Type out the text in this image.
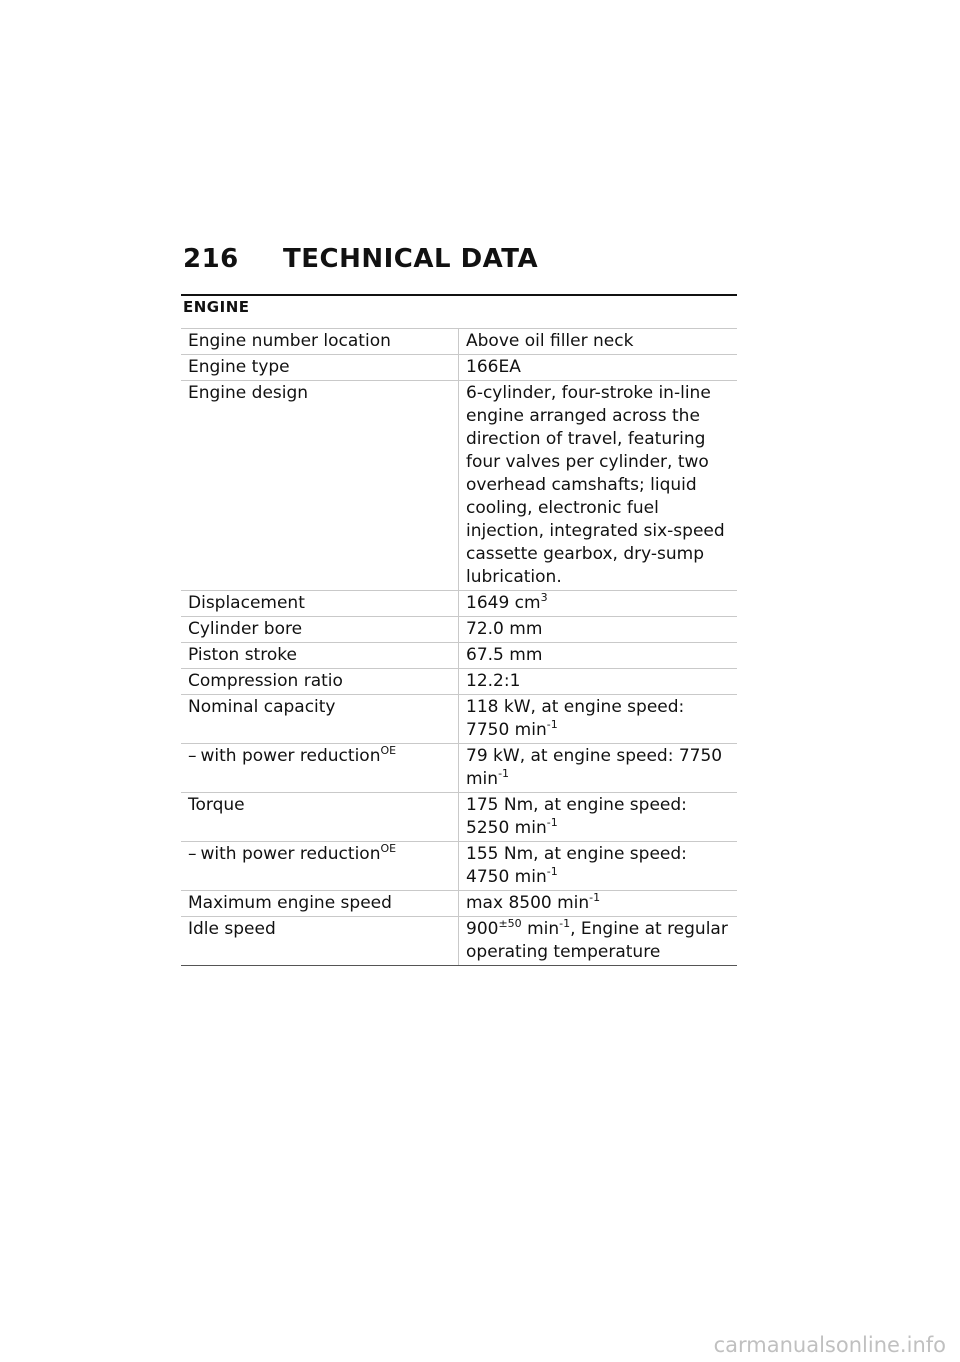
216 TECHNICAL DATA
ENGINE
Engine number location	Above oil filler neck
Engine type	166EA
Engine design	6-cylinder, four-stroke in-line engine arranged across the direction of travel, featuring four valves per cylinder, two overhead camshafts; liquid cooling, electronic fuel injection, integrated six-speed cassette gearbox, dry-sump lubrication.
Displacement	1649 $cm^3$
Cylinder bore	72.0 mm
Piston stroke	67.5 mm
Compression ratio	12.2:1
Nominal capacity	118 kW, at engine speed: 7750 $\min^{-1}$
– with power reduction$^{OE}$	79 kW, at engine speed: 7750 $\min^{-1}$
Torque	175 Nm, at engine speed: 5250 $\min^{-1}$
– with power reduction$^{OE}$	155 Nm, at engine speed: 4750 $\min^{-1}$
Maximum engine speed	max 8500 $\min^{-1}$
Idle speed	$900^{\pm 50}$ $\min^{-1}$, Engine at regular operating temperature
carmanualsonline.info
